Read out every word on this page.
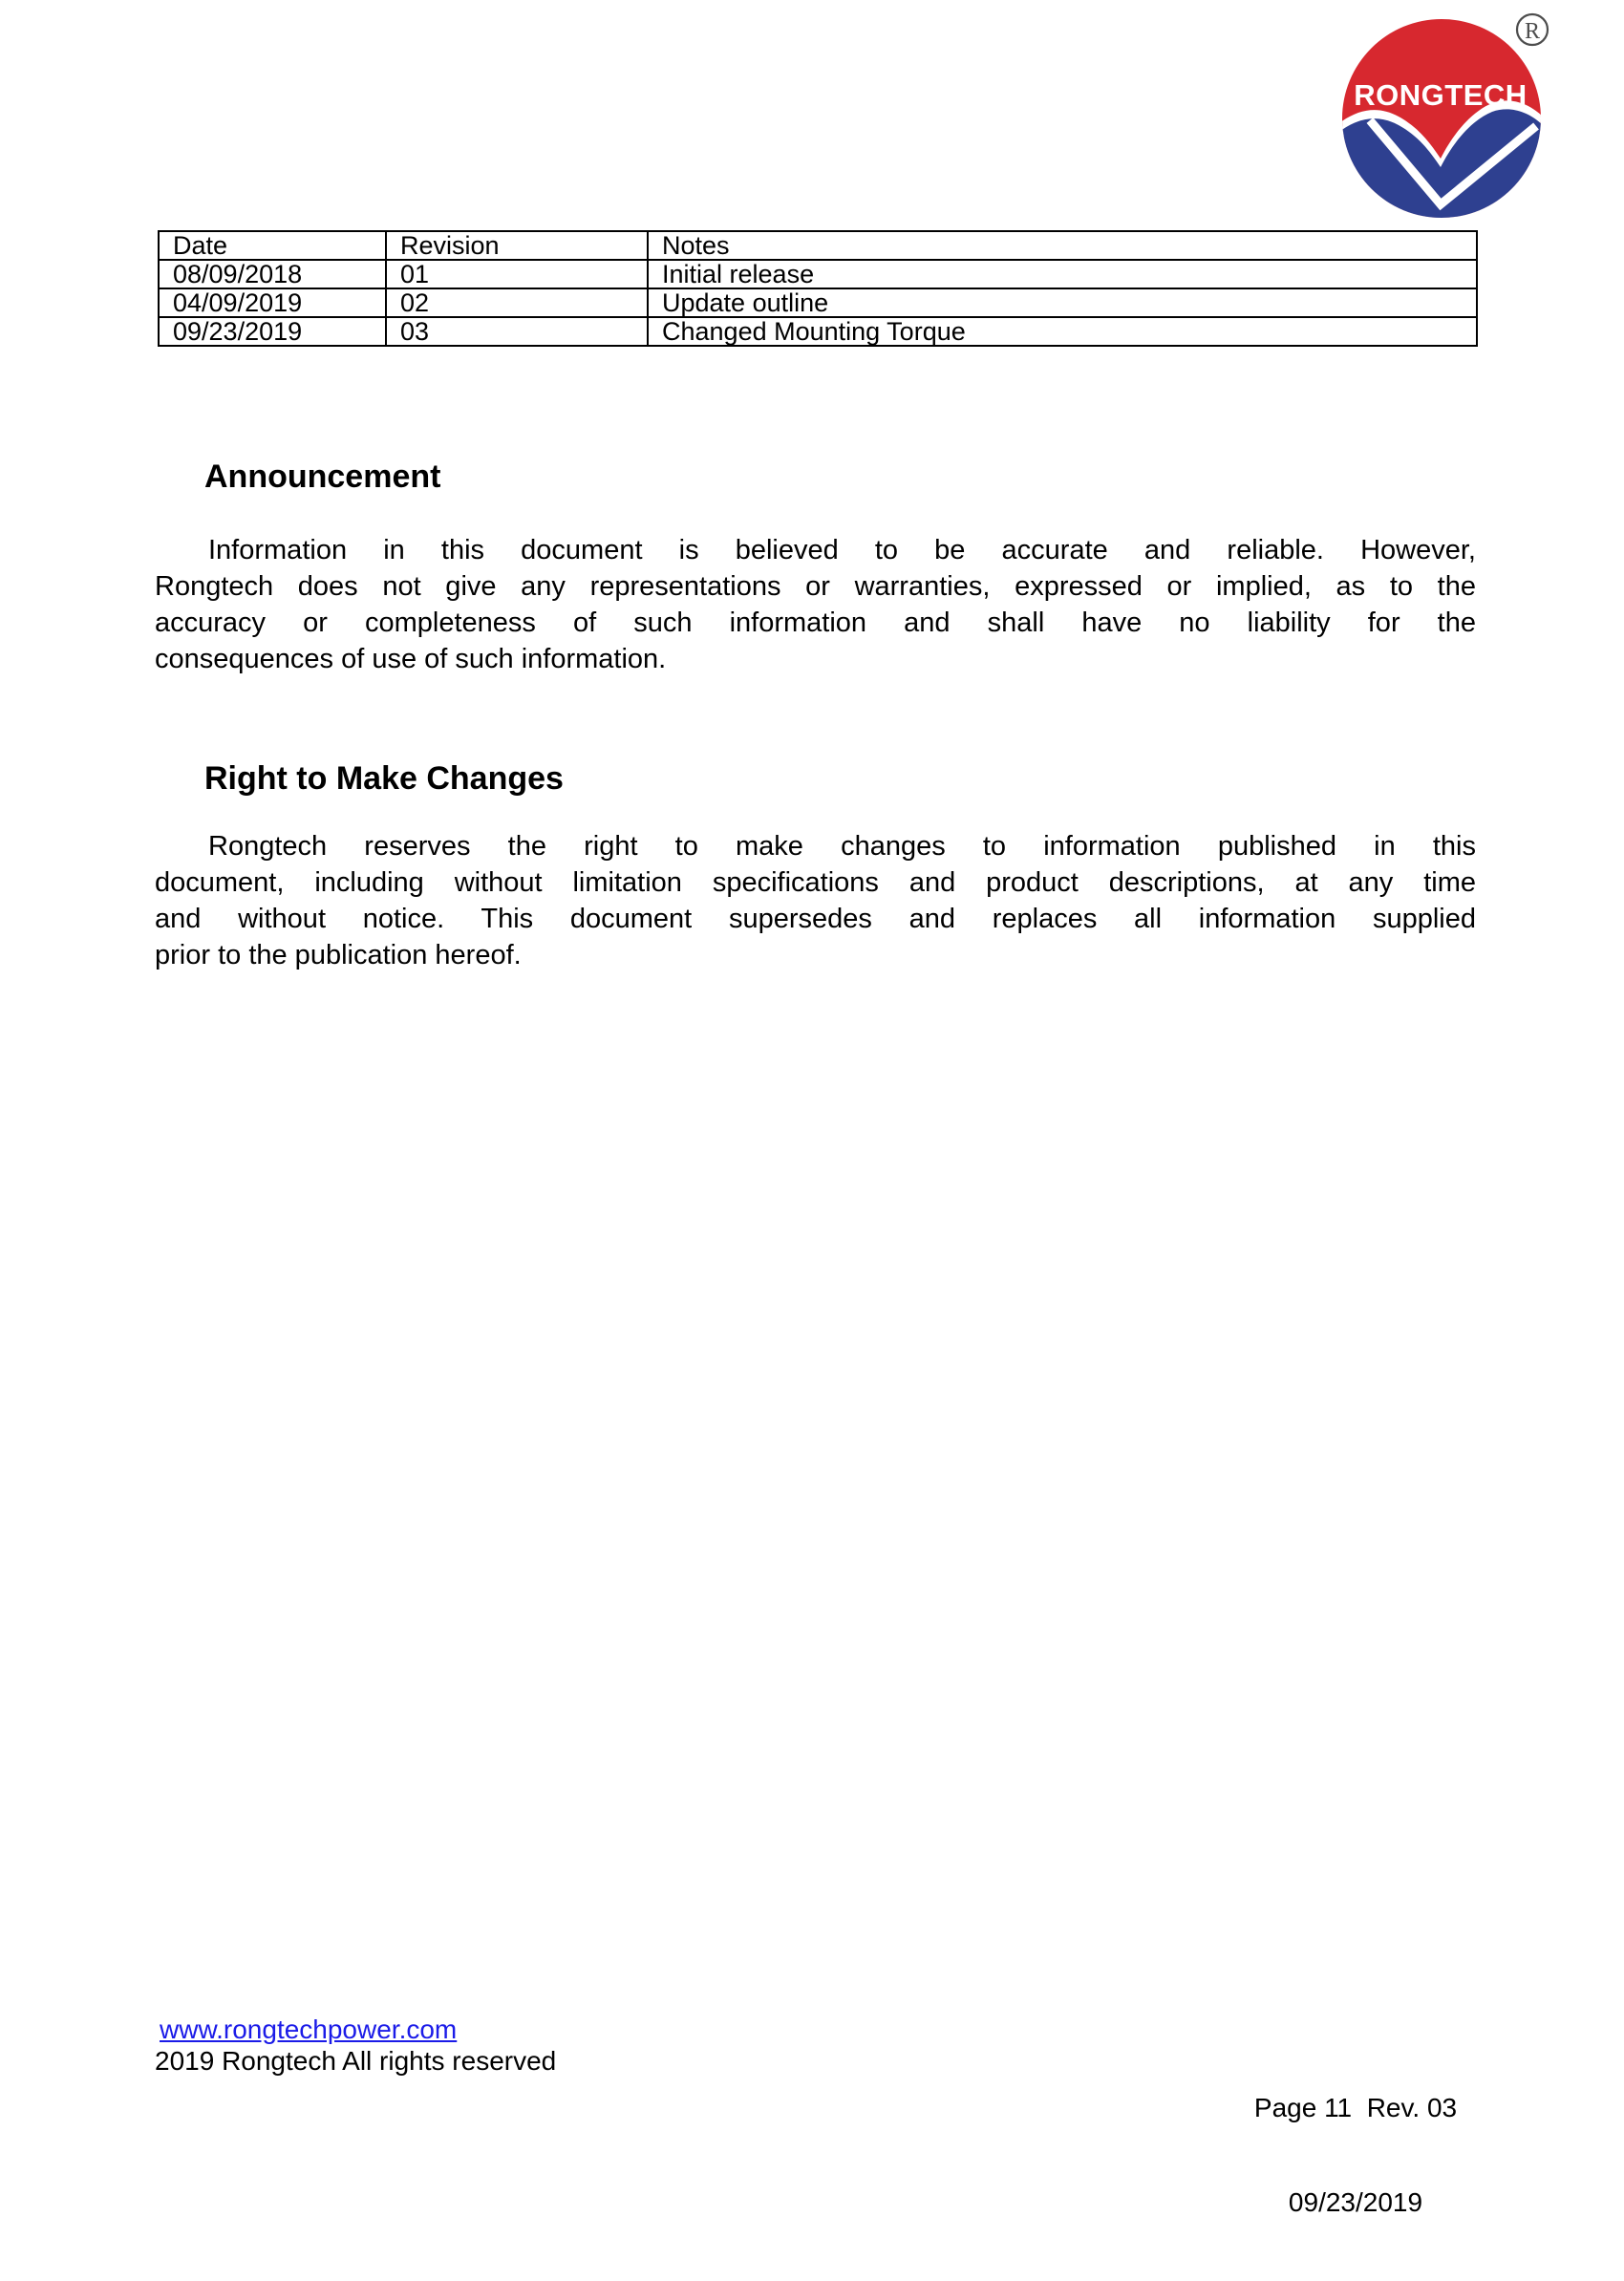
RONGTECH
R
Date	Revision	Notes
08/09/2018	01	Initial release
04/09/2019	02	Update outline
09/23/2019	03	Changed Mounting Torque
Announcement
Information in this document is believed to be accurate and reliable. However,
Rongtech does not give any representations or warranties, expressed or implied, as to the
accuracy or completeness of such information and shall have no liability for the
consequences of use of such information.
Right to Make Changes
Rongtech reserves the right to make changes to information published in this
document, including without limitation specifications and product descriptions, at any time
and without notice. This document supersedes and replaces all information supplied
prior to the publication hereof.
www.rongtechpower.com
2019 Rongtech All rights reserved

Page 11  Rev. 03

09/23/2019
